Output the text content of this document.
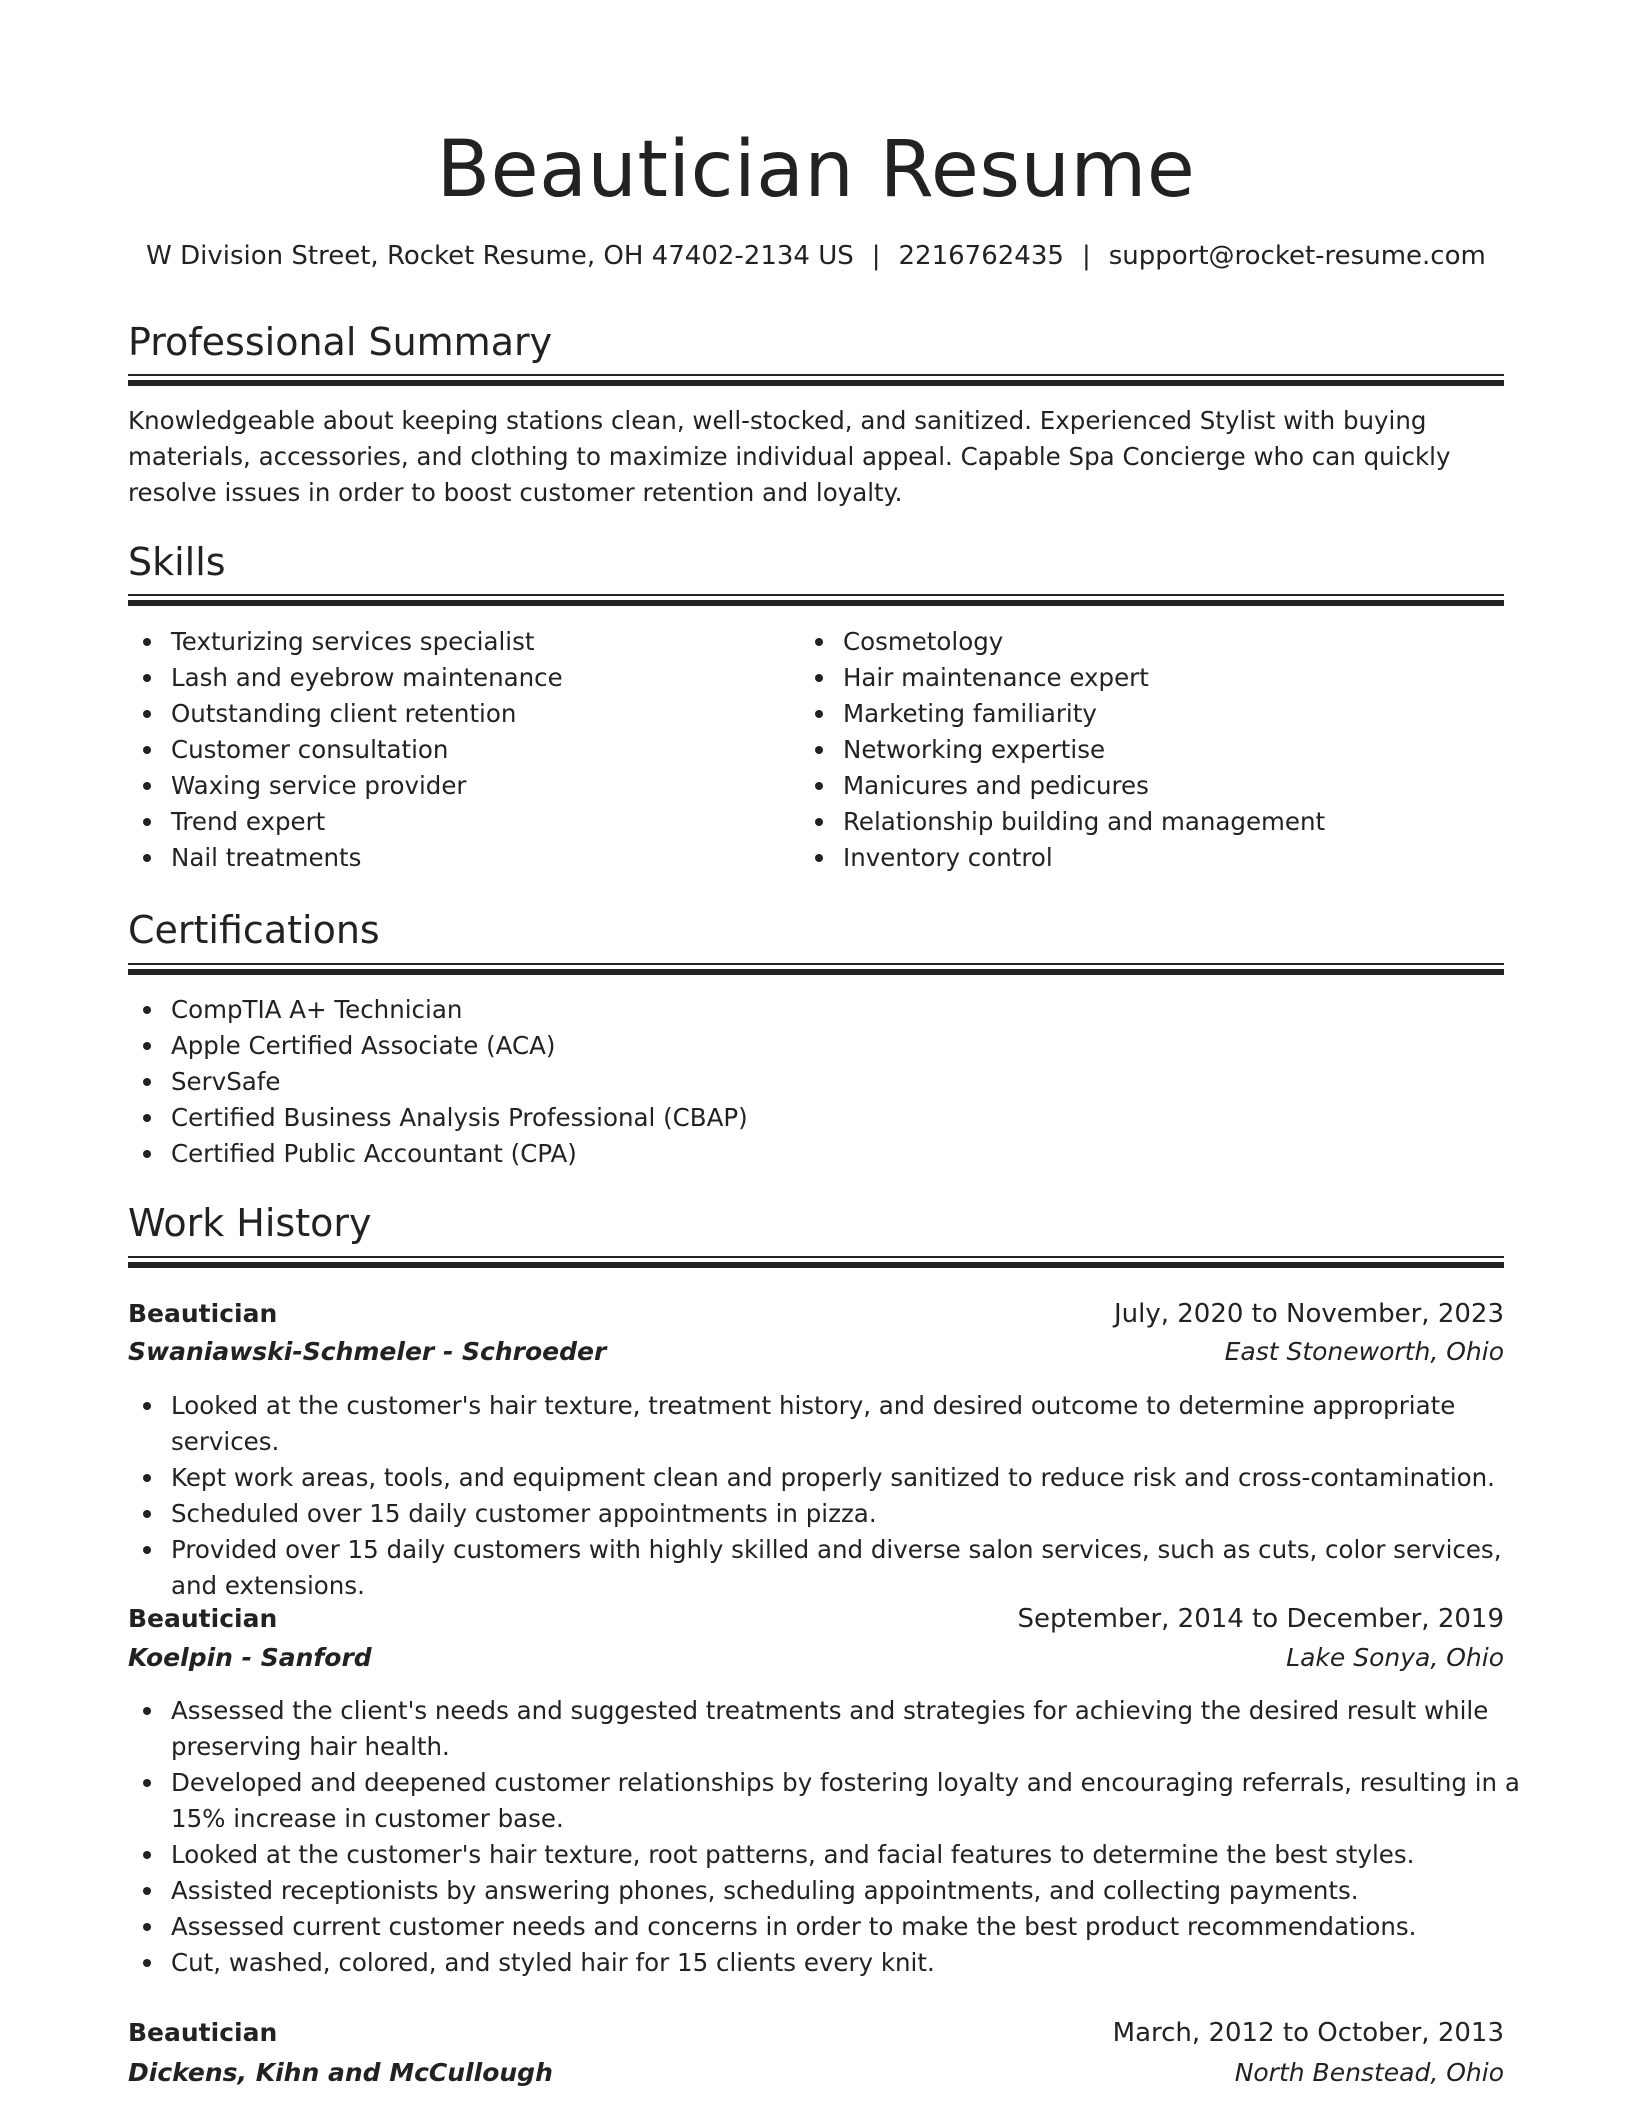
Beautician Resume
W Division Street, Rocket Resume, OH 47402-2134 US | 2216762435 | support@rocket-resume.com
Professional Summary
Knowledgeable about keeping stations clean, well-stocked, and sanitized. Experienced Stylist with buying materials, accessories, and clothing to maximize individual appeal. Capable Spa Concierge who can quickly resolve issues in order to boost customer retention and loyalty.
Skills
Texturizing services specialist
Lash and eyebrow maintenance
Outstanding client retention
Customer consultation
Waxing service provider
Trend expert
Nail treatments
Cosmetology
Hair maintenance expert
Marketing familiarity
Networking expertise
Manicures and pedicures
Relationship building and management
Inventory control
Certifications
CompTIA A+ Technician
Apple Certified Associate (ACA)
ServSafe
Certified Business Analysis Professional (CBAP)
Certified Public Accountant (CPA)
Work History
Beautician	July, 2020 to November, 2023
Swaniawski-Schmeler - Schroeder	East Stoneworth, Ohio
Looked at the customer's hair texture, treatment history, and desired outcome to determine appropriate services.
Kept work areas, tools, and equipment clean and properly sanitized to reduce risk and cross-contamination.
Scheduled over 15 daily customer appointments in pizza.
Provided over 15 daily customers with highly skilled and diverse salon services, such as cuts, color services, and extensions.
Beautician	September, 2014 to December, 2019
Koelpin - Sanford	Lake Sonya, Ohio
Assessed the client's needs and suggested treatments and strategies for achieving the desired result while preserving hair health.
Developed and deepened customer relationships by fostering loyalty and encouraging referrals, resulting in a 15% increase in customer base.
Looked at the customer's hair texture, root patterns, and facial features to determine the best styles.
Assisted receptionists by answering phones, scheduling appointments, and collecting payments.
Assessed current customer needs and concerns in order to make the best product recommendations.
Cut, washed, colored, and styled hair for 15 clients every knit.
Beautician	March, 2012 to October, 2013
Dickens, Kihn and McCullough	North Benstead, Ohio
